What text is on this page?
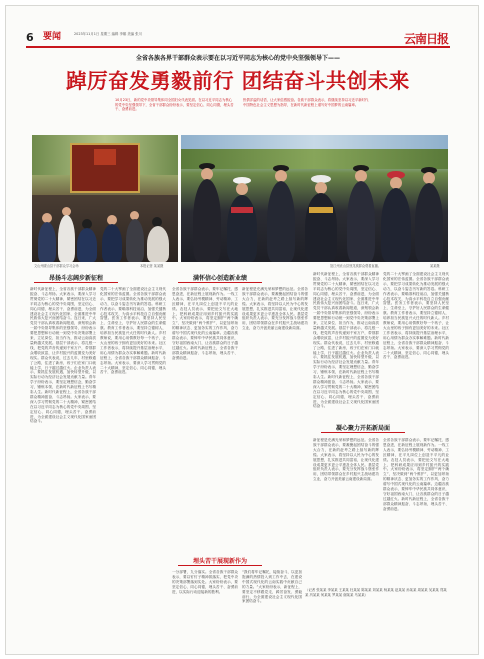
6	要闻	2023年11月1日 星期三 编辑 李娜 美编 张川	云南日报
全省各族各界干部群众表示要在以习近平同志为核心的党中央坚强领导下——
踔厉奋发勇毅前行 团结奋斗共创未来
10月23日，新的党中央领导集体同全国妇女代表见面。在以习近平同志为核心的党中央坚强领导下，全省干部群众纷纷表示，要坚定信心、同心同德，埋头苦干、奋勇前进。
热情洋溢的话语，让大家倍感振奋。各族干部群众表示，将继续坚持以习近平新时代中国特色社会主义思想为指导，在新时代新征程上谱写好中国梦的云南篇章。
文山州砚山县干部群众学习会场	本报记者 某某摄	怒江州贡山县独龙族群众观看直播。	某某摄
昂扬斗志阔步新征程	满怀信心创造新业绩
凝心聚力开拓新局面
埋头苦干展现新作为
新时代新征程上，全省各族干部群众精神振奋、斗志昂扬。大家表示，要深入学习贯彻党的二十大精神，紧密团结在以习近平同志为核心的党中央周围，坚定信心、同心同德，埋头苦干、奋勇前进，为全面建设社会主义现代化国家、全面推进中华民族伟大复兴而团结奋斗。连日来，广大党员干部认真收看新闻报道，深刻领会新一届中央领导集体的坚强领导，纷纷表示要把思想和行动统一到党中央决策部署上来，立足岗位、担当作为，推动云南高质量跨越式发展。基层干部表示，将扎根一线，把党的声音传递到千家万户，带领群众增收致富，让乡村振兴的蓝图变为美好现实。群众代表说，过去几年，村里修通了公路，住进了新房，孩子们在家门口就能上学，日子越过越红火。企业负责人表示，要抓住发展机遇，加快转型升级，以实际行动为经济社会发展贡献力量。青年学子纷纷表示，要坚定理想信念，勤奋学习，锤炼本领，在新时代新征程上书写精彩人生。新时代新征程上，全省各族干部群众精神振奋、斗志昂扬。大家表示，要深入学习贯彻党的二十大精神，紧密团结在以习近平同志为核心的党中央周围，坚定信心、同心同德，埋头苦干、奋勇前进，为全面建设社会主义现代化国家而团结奋斗。
党的二十大擘画了全面建设社会主义现代化国家的宏伟蓝图。全省各族干部群众表示，要把学习成果转化为推动发展的强大动力，以奋斗姿态书写新的答卷。科研工作者表示，要瞄准科技前沿，加强关键核心技术攻关，为高水平科技自立自强贡献智慧。医务工作者表示，要坚持人民至上、生命至上，守护好人民群众的生命健康。教育工作者表示，要坚持立德树人，培养担当民族复兴大任的时代新人。乡村教师说，要用心用情教好每一个孩子，让大山里的孩子拥有更加美好的未来。社区工作者表示，将持续提升基层治理水平，用心用情为群众办实事解难题。新时代新征程上，全省各族干部群众精神振奋、斗志昂扬。大家表示，要深入学习贯彻党的二十大精神，坚定信心、同心同德，埋头苦干、奋勇前进。
全省各族干部群众表示，要牢记嘱托、感恩奋进，在新征程上展现新作为。一线工人表示，要弘扬劳模精神、劳动精神、工匠精神，在平凡岗位上创造不平凡的业绩。农技人员表示，要把论文写在大地上，把科研成果应用到乡村振兴的实践中。大家纷纷表示，将坚定拥护“两个确立”，坚决做到“两个维护”，以更加昂扬的精神状态、更加务实的工作作风，奋力谱写中国式现代化的云南篇章。边疆各族群众表示，要铸牢中华民族共同体意识，守好祖国西南大门，让各族群众的日子越过越红火。新时代新征程上，全省各族干部群众精神振奋、斗志昂扬，埋头苦干、奋勇前进。
新征程是充满光荣和梦想的远征。全省各族干部群众表示，要凝聚起团结奋斗的强大合力，在新的赶考之路上续写新的辉煌。大家表示，将坚持以人民为中心的发展思想，扎实推进共同富裕，让现代化建设成果更多更公平惠及全体人民。基层党组织负责人表示，要充分发挥战斗堡垒作用，团结带领群众在乡村振兴主战场建功立业，奋力开创美丽云南建设新局面。
新时代新征程上，全省各族干部群众精神振奋、斗志昂扬。大家表示，要深入学习贯彻党的二十大精神，紧密团结在以习近平同志为核心的党中央周围，坚定信心、同心同德，埋头苦干、奋勇前进，为全面建设社会主义现代化国家、全面推进中华民族伟大复兴而团结奋斗。连日来，广大党员干部认真收看新闻报道，深刻领会新一届中央领导集体的坚强领导，纷纷表示要把思想和行动统一到党中央决策部署上来，立足岗位、担当作为，推动云南高质量跨越式发展。基层干部表示，将扎根一线，把党的声音传递到千家万户，带领群众增收致富，让乡村振兴的蓝图变为美好现实。群众代表说，过去几年，村里修通了公路，住进了新房，孩子们在家门口就能上学，日子越过越红火。企业负责人表示，要抓住发展机遇，加快转型升级，以实际行动为经济社会发展贡献力量。青年学子纷纷表示，要坚定理想信念，勤奋学习，锤炼本领，在新时代新征程上书写精彩人生。新时代新征程上，全省各族干部群众精神振奋、斗志昂扬。大家表示，要深入学习贯彻党的二十大精神，紧密团结在以习近平同志为核心的党中央周围，坚定信心、同心同德，埋头苦干、奋勇前进，为全面建设社会主义现代化国家而团结奋斗。
党的二十大擘画了全面建设社会主义现代化国家的宏伟蓝图。全省各族干部群众表示，要把学习成果转化为推动发展的强大动力，以奋斗姿态书写新的答卷。科研工作者表示，要瞄准科技前沿，加强关键核心技术攻关，为高水平科技自立自强贡献智慧。医务工作者表示，要坚持人民至上、生命至上，守护好人民群众的生命健康。教育工作者表示，要坚持立德树人，培养担当民族复兴大任的时代新人。乡村教师说，要用心用情教好每一个孩子，让大山里的孩子拥有更加美好的未来。社区工作者表示，将持续提升基层治理水平，用心用情为群众办实事解难题。新时代新征程上，全省各族干部群众精神振奋、斗志昂扬。大家表示，要深入学习贯彻党的二十大精神，坚定信心、同心同德，埋头苦干、奋勇前进。
新征程是充满光荣和梦想的远征。全省各族干部群众表示，要凝聚起团结奋斗的强大合力，在新的赶考之路上续写新的辉煌。大家表示，将坚持以人民为中心的发展思想，扎实推进共同富裕，让现代化建设成果更多更公平惠及全体人民。基层党组织负责人表示，要充分发挥战斗堡垒作用，团结带领群众在乡村振兴主战场建功立业，奋力开创美丽云南建设新局面。
全省各族干部群众表示，要牢记嘱托、感恩奋进，在新征程上展现新作为。一线工人表示，要弘扬劳模精神、劳动精神、工匠精神，在平凡岗位上创造不平凡的业绩。农技人员表示，要把论文写在大地上，把科研成果应用到乡村振兴的实践中。大家纷纷表示，将坚定拥护“两个确立”，坚决做到“两个维护”，以更加昂扬的精神状态、更加务实的工作作风，奋力谱写中国式现代化的云南篇章。边疆各族群众表示，要铸牢中华民族共同体意识，守好祖国西南大门，让各族群众的日子越过越红火。新时代新征程上，全省各族干部群众精神振奋、斗志昂扬，埋头苦干、奋勇前进。
一分部署，九分落实。全省各族干部群众表示，要以钉钉子精神抓落实，把党中央的决策部署落到实处。大家纷纷表示，要坚定信心、同心同德，埋头苦干、奋勇前进，以实际行动迎接新的胜利。
“我们将牢记嘱托，接续奋斗，以更加饱满的热情投入到工作中去，在建设中国式现代化的云南实践中贡献自己的力量。”大家纷纷表示，新征程上，要坚定不移跟党走，踔厉奋发、勇毅前行，为全面建设社会主义现代化国家团结奋斗。
（记者 张某某 李某某 王某某 杜某某 陈某某 刘某某 杨某某 赵某某 孙某某 周某某 吴某某 郑某某 冯某某 何某某 罗某某 谢某某 马某某）
